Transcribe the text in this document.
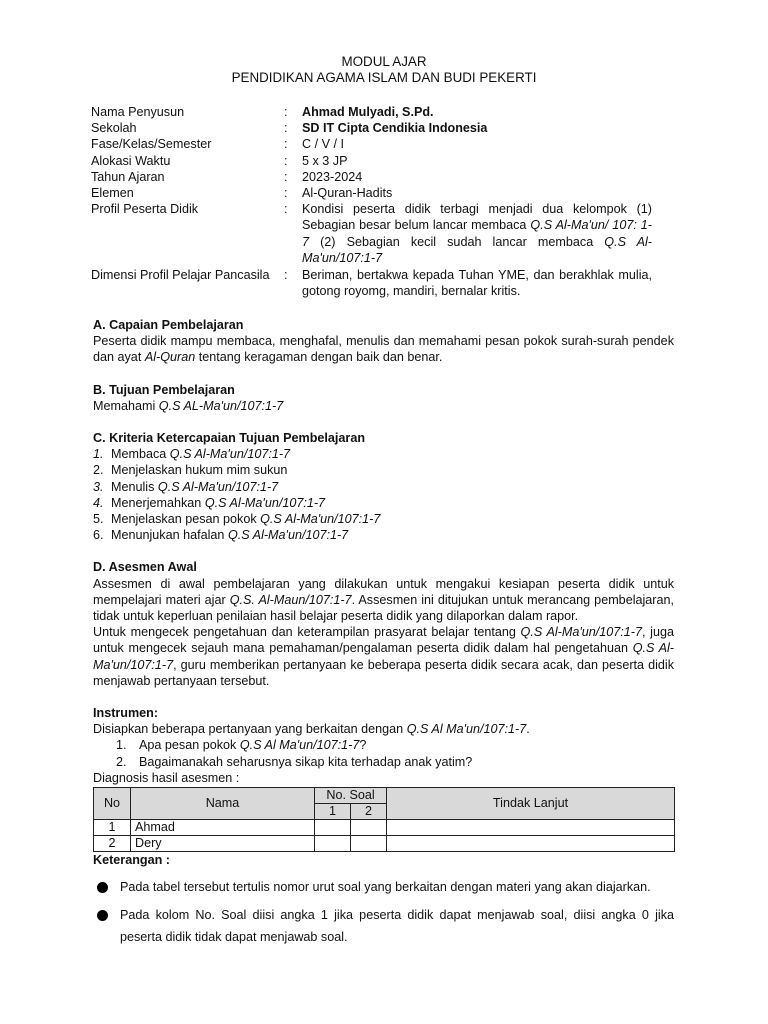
MODUL AJAR
PENDIDIKAN AGAMA ISLAM DAN BUDI PEKERTI
Nama Penyusun	: Ahmad Mulyadi, S.Pd.
Sekolah	: SD IT Cipta Cendikia Indonesia
Fase/Kelas/Semester	: C / V / I
Alokasi Waktu	: 5 x 3 JP
Tahun Ajaran	: 2023-2024
Elemen	: Al-Quran-Hadits
Profil Peserta Didik	: Kondisi peserta didik terbagi menjadi dua kelompok (1) Sebagian besar belum lancar membaca Q.S Al-Ma'un/ 107: 1-7 (2) Sebagian kecil sudah lancar membaca Q.S Al-Ma'un/107:1-7
Dimensi Profil Pelajar Pancasila : Beriman, bertakwa kepada Tuhan YME, dan berakhlak mulia, gotong royomg, mandiri, bernalar kritis.

A. Capaian Pembelajaran

Peserta didik mampu membaca, menghafal, menulis dan memahami pesan pokok surah-surah pendek dan ayat Al-Quran tentang keragaman dengan baik dan benar.

B. Tujuan Pembelajaran

Memahami Q.S AL-Ma'un/107:1-7

C. Kriteria Ketercapaian Tujuan Pembelajaran

1. Membaca Q.S Al-Ma'un/107:1-7
2. Menjelaskan hukum mim sukun
3. Menulis Q.S Al-Ma'un/107:1-7
4. Menerjemahkan Q.S Al-Ma'un/107:1-7
5. Menjelaskan pesan pokok Q.S Al-Ma'un/107:1-7
6. Menunjukan hafalan Q.S Al-Ma'un/107:1-7

D. Asesmen Awal

Assesmen di awal pembelajaran yang dilakukan untuk mengakui kesiapan peserta didik untuk mempelajari materi ajar Q.S. Al-Maun/107:1-7. Assesmen ini ditujukan untuk merancang pembelajaran, tidak untuk keperluan penilaian hasil belajar peserta didik yang dilaporkan dalam rapor.

Untuk mengecek pengetahuan dan keterampilan prasyarat belajar tentang Q.S Al-Ma'un/107:1-7, juga untuk mengecek sejauh mana pemahaman/pengalaman peserta didik dalam hal pengetahuan Q.S Al-Ma'un/107:1-7, guru memberikan pertanyaan ke beberapa peserta didik secara acak, dan peserta didik menjawab pertanyaan tersebut.

Instrumen:

Disiapkan beberapa pertanyaan yang berkaitan dengan Q.S Al Ma'un/107:1-7.

1. Apa pesan pokok Q.S Al Ma'un/107:1-7?
2. Bagaimanakah seharusnya sikap kita terhadap anak yatim?

Diagnosis hasil asesmen :

No	Nama	No. Soal		Tindak Lanjut
		1	2	
1	Ahmad			
2	Dery			

Keterangan :

Pada tabel tersebut tertulis nomor urut soal yang berkaitan dengan materi yang akan diajarkan.
Pada kolom No. Soal diisi angka 1 jika peserta didik dapat menjawab soal, diisi angka 0 jika peserta didik tidak dapat menjawab soal.
